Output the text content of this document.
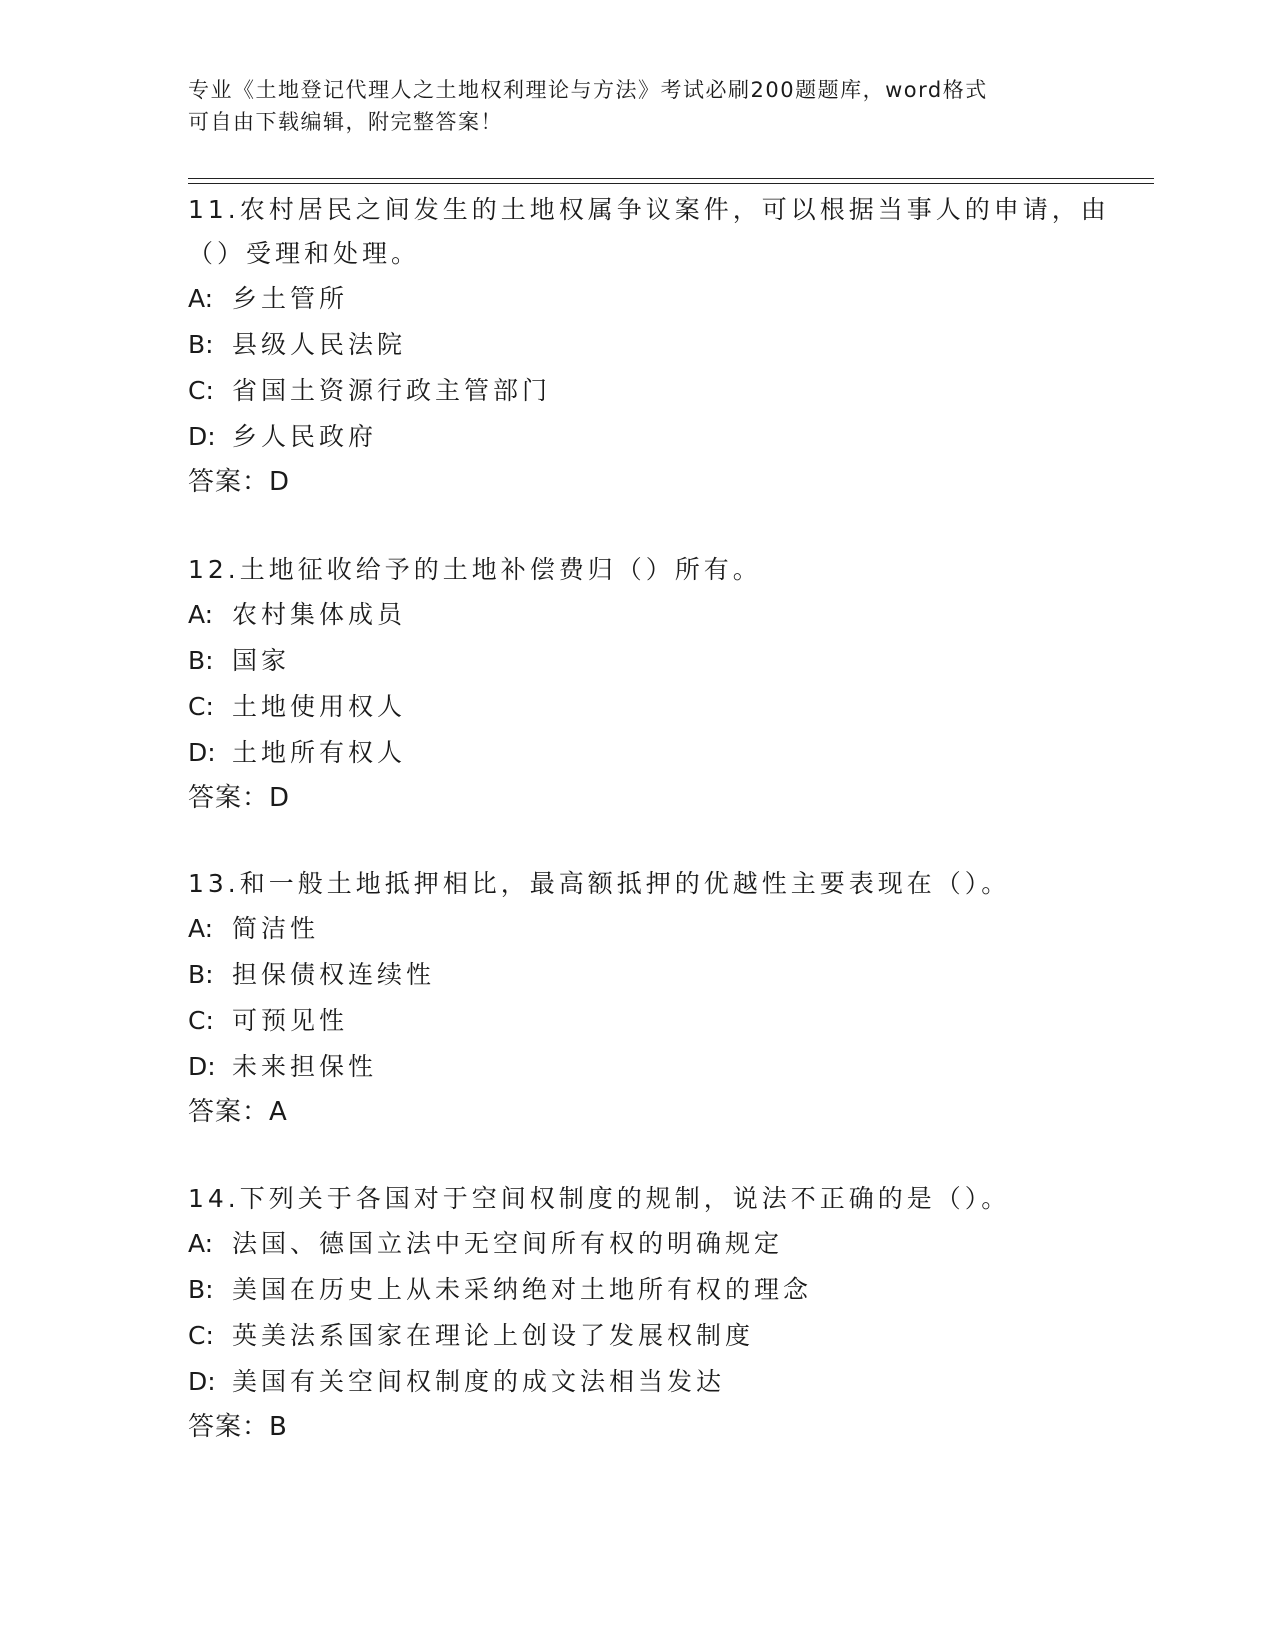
专业《土地登记代理人之土地权利理论与方法》考试必刷200题题库，word格式
可自由下载编辑，附完整答案！

11.农村居民之间发生的土地权属争议案件，可以根据当事人的申请，由（）受理和处理。

A: 乡土管所
B: 县级人民法院
C: 省国土资源行政主管部门
D: 乡人民政府
答案：D

12.土地征收给予的土地补偿费归（）所有。

A: 农村集体成员
B: 国家
C: 土地使用权人
D: 土地所有权人
答案：D

13.和一般土地抵押相比，最高额抵押的优越性主要表现在（）。

A: 简洁性
B: 担保债权连续性
C: 可预见性
D: 未来担保性
答案：A

14.下列关于各国对于空间权制度的规制，说法不正确的是（）。

A: 法国、德国立法中无空间所有权的明确规定
B: 美国在历史上从未采纳绝对土地所有权的理念
C: 英美法系国家在理论上创设了发展权制度
D: 美国有关空间权制度的成文法相当发达
答案：B
